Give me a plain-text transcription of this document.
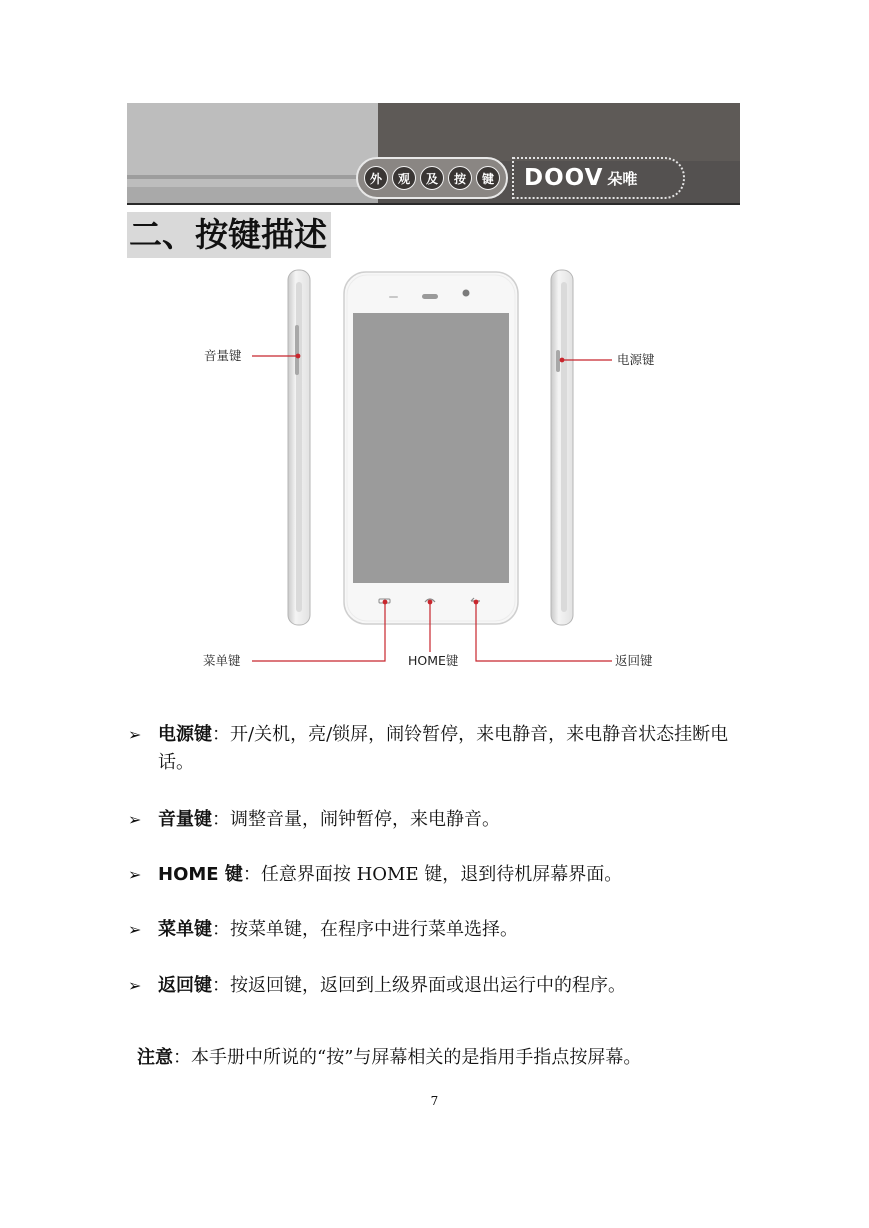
外	观	及	按	键 DOOV 朵唯
二、按键描述
音量键	电源键
菜单键	HOME键	返回键
➢ 电源键：开/关机，亮/锁屏，闹铃暂停，来电静音，来电静音状态挂断电话。
➢ 音量键：调整音量，闹钟暂停，来电静音。
➢ HOME 键：任意界面按 HOME 键，退到待机屏幕界面。
➢ 菜单键：按菜单键，在程序中进行菜单选择。
➢ 返回键：按返回键，返回到上级界面或退出运行中的程序。
注意：本手册中所说的“按”与屏幕相关的是指用手指点按屏幕。
7
